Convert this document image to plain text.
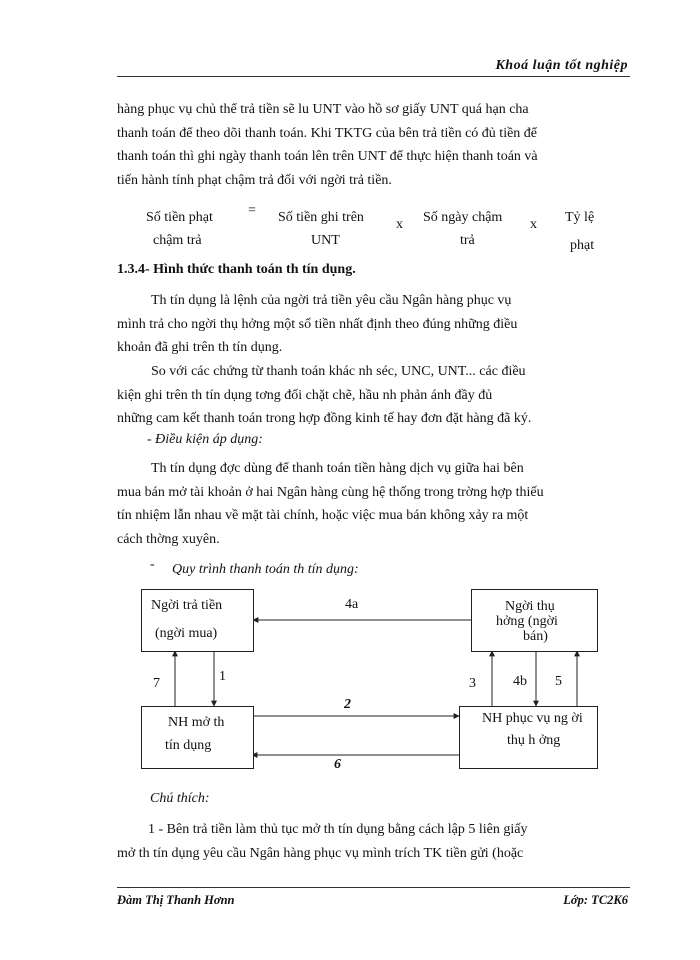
Khoá luận tốt nghiệp
hàng phục vụ chủ thể trả tiền sẽ lu UNT vào hồ sơ giấy UNT quá hạn cha
thanh toán để theo dõi thanh toán. Khi TKTG của bên trả tiền có đủ tiền để
thanh toán thì ghi ngày thanh toán lên trên UNT để thực hiện thanh toán và
tiến hành tính phạt chậm trả đối với ngời trả tiền.
Số tiền phạt
chậm trả
= Số tiền ghi trên
UNT
x Số ngày chậm
trả
x Tỷ lệ
phạt
1.3.4- Hình thức thanh toán th tín dụng.
Th tín dụng là lệnh của ngời trả tiền yêu cầu Ngân hàng phục vụ
mình trả cho ngời thụ hởng một số tiền nhất định theo đúng những điều
khoản đã ghi trên th tín dụng.
So với các chứng từ thanh toán khác nh séc, UNC, UNT... các điều
kiện ghi trên th tín dụng tơng đối chặt chẽ, hầu nh phản ánh đầy đủ
những cam kết thanh toán trong hợp đồng kinh tế hay đơn đặt hàng đã ký.
- Điều kiện áp dụng:
Th tín dụng đợc dùng để thanh toán tiền hàng dịch vụ giữa hai bên
mua bán mở tài khoản ở hai Ngân hàng cùng hệ thống trong trờng hợp thiếu
tín nhiệm lẫn nhau về mặt tài chính, hoặc việc mua bán không xảy ra một
cách thờng xuyên.
- Quy trình thanh toán th tín dụng:
Ngời trả tiền
(ngời mua)
Ngời thụ
hởng (ngời
bán)
NH mở th
tín dụng
NH phục vụ ng ời
thụ h ởng
4a
7	1	3	4b 5
2
6
Chú thích:
1 - Bên trả tiền làm thủ tục mở th tín dụng bằng cách lập 5 liên giấy
mở th tín dụng yêu cầu Ngân hàng phục vụ mình trích TK tiền gửi (hoặc
Đàm Thị Thanh Hơnn	Lớp: TC2K6
